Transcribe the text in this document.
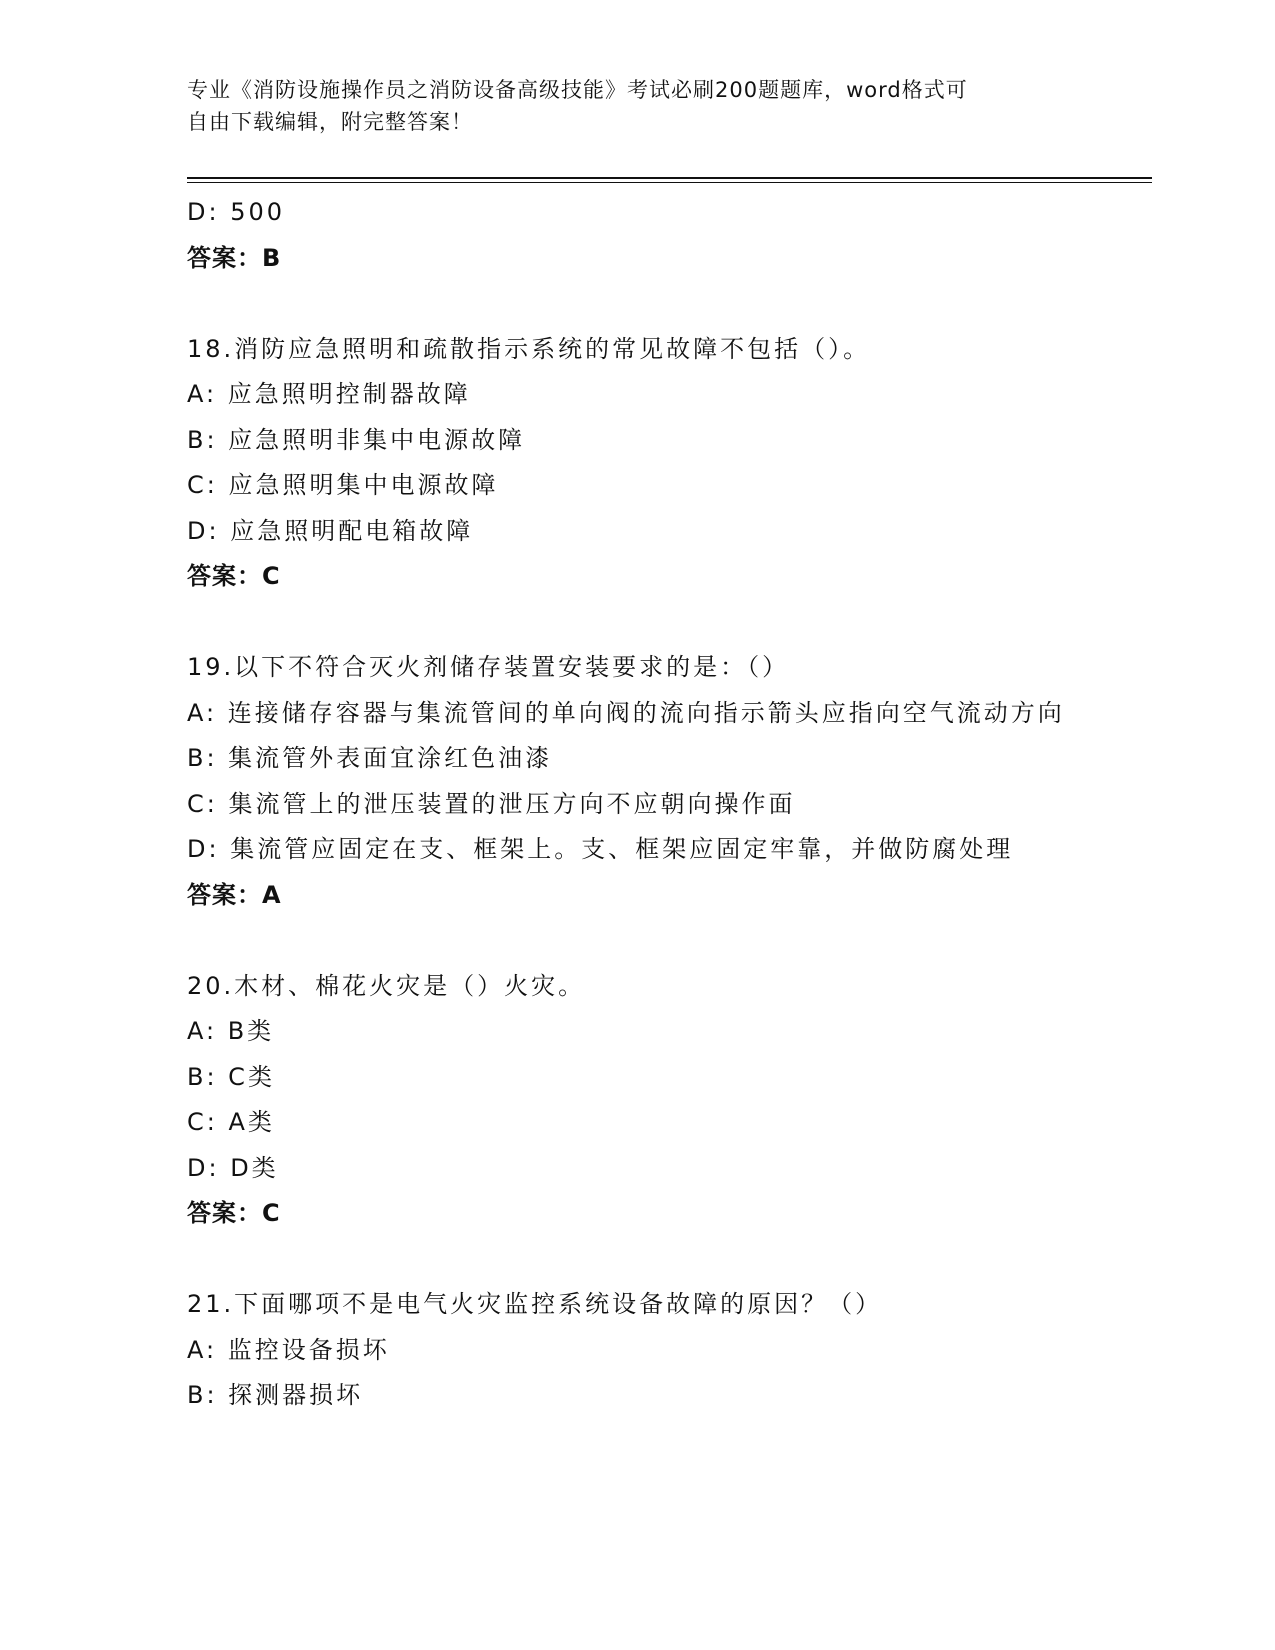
专业《消防设施操作员之消防设备高级技能》考试必刷200题题库，word格式可
自由下载编辑，附完整答案！
D: 500
答案：B
18.消防应急照明和疏散指示系统的常见故障不包括（）。
A: 应急照明控制器故障
B: 应急照明非集中电源故障
C: 应急照明集中电源故障
D: 应急照明配电箱故障
答案：C
19.以下不符合灭火剂储存装置安装要求的是：（）
A: 连接储存容器与集流管间的单向阀的流向指示箭头应指向空气流动方向
B: 集流管外表面宜涂红色油漆
C: 集流管上的泄压装置的泄压方向不应朝向操作面
D: 集流管应固定在支、框架上。支、框架应固定牢靠，并做防腐处理
答案：A
20.木材、棉花火灾是（）火灾。
A: B类
B: C类
C: A类
D: D类
答案：C
21.下面哪项不是电气火灾监控系统设备故障的原因？（）
A: 监控设备损坏
B: 探测器损坏
